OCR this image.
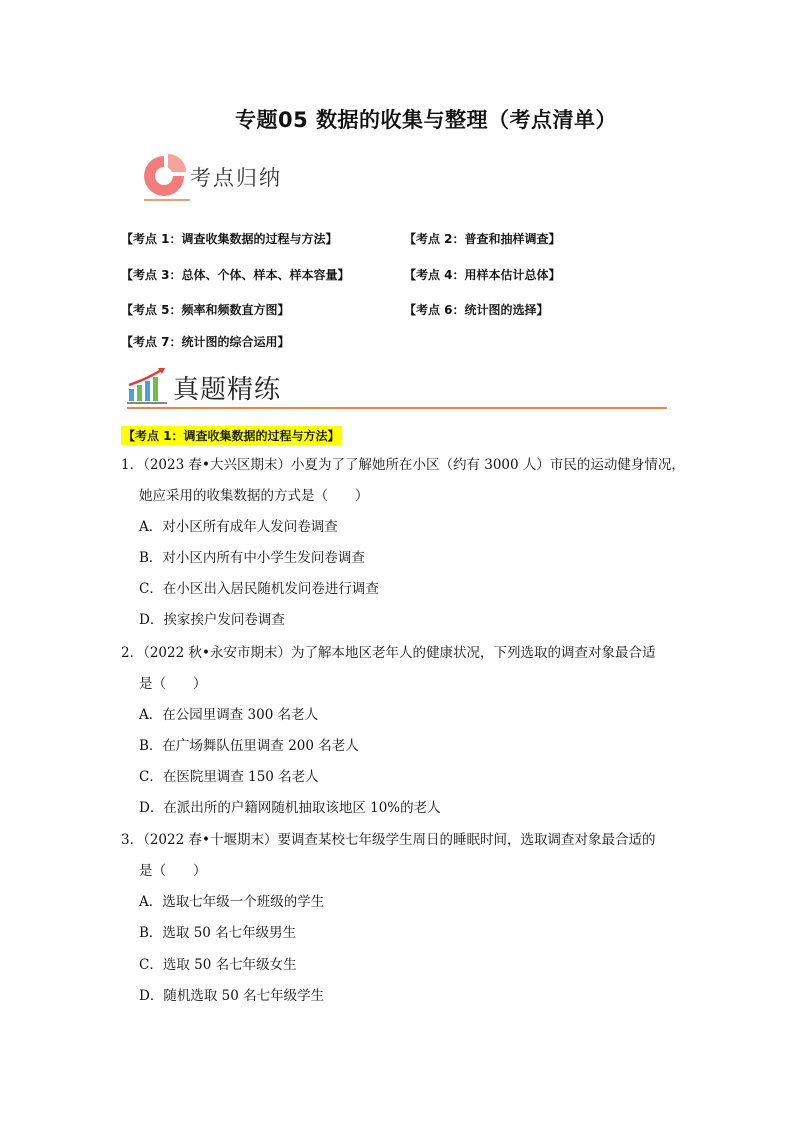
专题05 数据的收集与整理（考点清单）
考点归纳
【考点 1：调查收集数据的过程与方法】	【考点 2：普查和抽样调查】
【考点 3：总体、个体、样本、样本容量】	【考点 4：用样本估计总体】
【考点 5：频率和频数直方图】	【考点 6：统计图的选择】
【考点 7：统计图的综合运用】
真题精练
【考点 1：调查收集数据的过程与方法】
1．（2023 春•大兴区期末）小夏为了了解她所在小区（约有 3000 人）市民的运动健身情况，
她应采用的收集数据的方式是（　　）
A．对小区所有成年人发问卷调查
B．对小区内所有中小学生发问卷调查
C．在小区出入居民随机发问卷进行调查
D．挨家挨户发问卷调查
2．（2022 秋•永安市期末）为了解本地区老年人的健康状况，下列选取的调查对象最合适
是（　　）
A．在公园里调查 300 名老人
B．在广场舞队伍里调查 200 名老人
C．在医院里调查 150 名老人
D．在派出所的户籍网随机抽取该地区 10%的老人
3．（2022 春•十堰期末）要调查某校七年级学生周日的睡眠时间，选取调查对象最合适的
是（　　）
A．选取七年级一个班级的学生
B．选取 50 名七年级男生
C．选取 50 名七年级女生
D．随机选取 50 名七年级学生
